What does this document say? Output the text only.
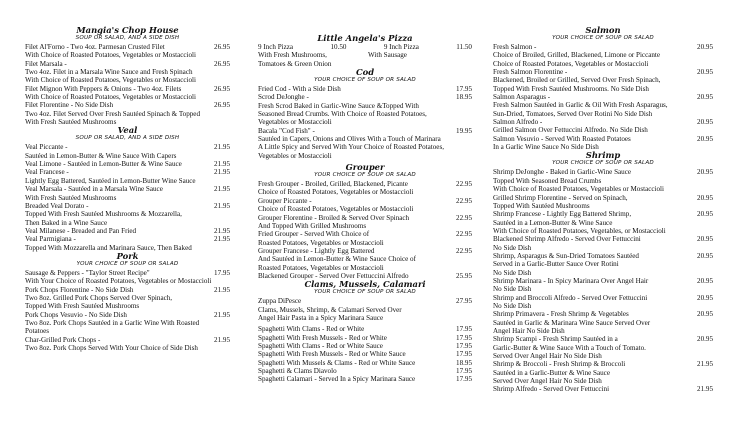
Mangia's Chop House
SOUP OR SALAD, AND A SIDE DISH
Filet Al'Forno - Two 4oz. Parmesan Crusted Filet	26.95
With Choice of Roasted Potatoes, Vegetables or Mostaccioli
Filet Marsala -	26.95
Two 4oz. Filet in a Marsala Wine Sauce and Fresh Spinach
With Choice of Roasted Potatoes, Vegetables or Mostaccioli
Filet Mignon With Peppers & Onions - Two 4oz. Filets	26.95
With Choice of Roasted Potatoes, Vegetables or Mostaccioli
Filet Florentine - No Side Dish	26.95
Two 4oz. Filet Served Over Fresh Sautéed Spinach & Topped
With Fresh Sautéed Mushrooms
Veal
SOUP OR SALAD, AND A SIDE DISH
Veal Piccante -	21.95
Sautéed in Lemon-Butter & Wine Sauce With Capers
Veal Limone - Sautéed in Lemon-Butter & Wine Sauce	21.95
Veal Francese -	21.95
Lightly Egg Battered, Sautéed in Lemon-Butter Wine Sauce
Veal Marsala - Sautéed in a Marsala Wine Sauce	21.95
With Fresh Sautéed Mushrooms
Breaded Veal Dorato -	21.95
Topped With Fresh Sautéed Mushrooms & Mozzarella,
Then Baked in a Wine Sauce
Veal Milanese - Breaded and Pan Fried	21.95
Veal Parmigiana -	21.95
Topped With Mozzarella and Marinara Sauce, Then Baked
Pork
YOUR CHOICE OF SOUP OR SALAD
Sausage & Peppers - "Taylor Street Recipe"	17.95
With Your Choice of Roasted Potatoes, Vegetables or Mostaccioli
Pork Chops Florentine - No Side Dish	21.95
Two 8oz. Grilled Pork Chops Served Over Spinach,
Topped With Fresh Sautéed Mushrooms
Pork Chops Vesuvio - No Side Dish	21.95
Two 8oz. Pork Chops Sautéed in a Garlic Wine With Roasted
Potatoes
Char-Grilled Pork Chops -	21.95
Two 8oz. Pork Chops Served With Your Choice of Side Dish
Little Angela's Pizza
9 Inch Pizza	10.50	9 Inch Pizza	11.50
With Fresh Mushrooms,	With Sausage
Tomatoes & Green Onion
Cod
YOUR CHOICE OF SOUP OR SALAD
Fried Cod - With a Side Dish	17.95
Scrod DeJonghe -	18.95
Fresh Scrod Baked in Garlic-Wine Sauce &Topped With
Seasoned Bread Crumbs. With Choice of Roasted Potatoes,
Vegetables or Mostaccioli
Bacala "Cod Fish" -	19.95
Sautéed in Capers, Onions and Olives With a Touch of Marinara
A Little Spicy and Served With Your Choice of Roasted Potatoes,
Vegetables or Mostaccioli
Grouper
YOUR CHOICE OF SOUP OR SALAD
Fresh Grouper - Broiled, Grilled, Blackened, Picante	22.95
Choice of Roasted Potatoes, Vegetables or Mostaccioli
Grouper Piccante -	22.95
Choice of Roasted Potatoes, Vegetables or Mostaccioli
Grouper Florentine - Broiled & Served Over Spinach	22.95
And Topped With Grilled Mushrooms
Fried Grouper - Served With Choice of	22.95
Roasted Potatoes, Vegetables or Mostaccioli
Grouper Francese - Lightly Egg Battered	22.95
And Sautéed in Lemon-Butter & Wine Sauce Choice of
Roasted Potatoes, Vegetables or Mostaccioli
Blackened Grouper - Served Over Fettuccini Alfredo	25.95
Clams, Mussels, Calamari
YOUR CHOICE OF SOUP OR SALAD
Zuppa DiPesce	27.95
Clams, Mussels, Shrimp, & Calamari Served Over
Angel Hair Pasta in a Spicy Marinara Sauce
Spaghetti With Clams - Red or White	17.95
Spaghetti With Fresh Mussels - Red or White	17.95
Spaghetti With Clams - Red or White Sauce	17.95
Spaghetti With Fresh Mussels - Red or White Sauce	17.95
Spaghetti With Mussels & Clams - Red or White Sauce	18.95
Spaghetti & Clams Diavolo	17.95
Spaghetti Calamari - Served In a Spicy Marinara Sauce	17.95
Salmon
YOUR CHOICE OF SOUP OR SALAD
Fresh Salmon -	20.95
Choice of Broiled, Grilled, Blackened, Limone or Piccante
Choice of Roasted Potatoes, Vegetables or Mostaccioli
Fresh Salmon Florentine -	20.95
Blackened, Broiled or Grilled, Served Over Fresh Spinach,
Topped With Fresh Sautéed Mushrooms. No Side Dish
Salmon Asparagus -	20.95
Fresh Salmon Sautéed in Garlic & Oil With Fresh Asparagus,
Sun-Dried, Tomatoes, Served Over Rotini No Side Dish
Salmon Alfredo -	20.95
Grilled Salmon Over Fettuccini Alfredo. No Side Dish
Salmon Vesuvio - Served With Roasted Potatoes	20.95
In a Garlic Wine Sauce No Side Dish
Shrimp
YOUR CHOICE OF SOUP OR SALAD
Shrimp DeJonghe - Baked in Garlic-Wine Sauce	20.95
Topped With Seasoned Bread Crumbs
With Choice of Roasted Potatoes, Vegetables or Mostaccioli
Grilled Shrimp Florentine - Served on Spinach,	20.95
Topped With Sautéed Mushrooms
Shrimp Francese - Lightly Egg Battered Shrimp,	20.95
Sautéed in a Lemon-Butter & Wine Sauce
With Choice of Roasted Potatoes, Vegetables, or Mostaccioli
Blackened Shrimp Alfredo - Served Over Fettuccini	20.95
No Side Dish
Shrimp, Asparagus & Sun-Dried Tomatoes Sautéed	20.95
Served in a Garlic-Butter Sauce Over Rotini
No Side Dish
Shrimp Marinara - In Spicy Marinara Over Angel Hair	20.95
No Side Dish
Shrimp and Broccoli Alfredo - Served Over Fettuccini	20.95
No Side Dish
Shrimp Primavera - Fresh Shrimp & Vegetables	20.95
Sautéed in Garlic & Marinara Wine Sauce Served Over
Angel Hair No Side Dish
Shrimp Scampi - Fresh Shrimp Sautéed in a	20.95
Garlic-Butter & Wine Sauce With a Touch of Tomato.
Served Over Angel Hair No Side Dish
Shrimp & Broccoli - Fresh Shrimp & Broccoli	21.95
Sautéed in a Garlic-Butter & Wine Sauce
Served Over Angel Hair No Side Dish
Shrimp Alfredo - Served Over Fettuccini	21.95
